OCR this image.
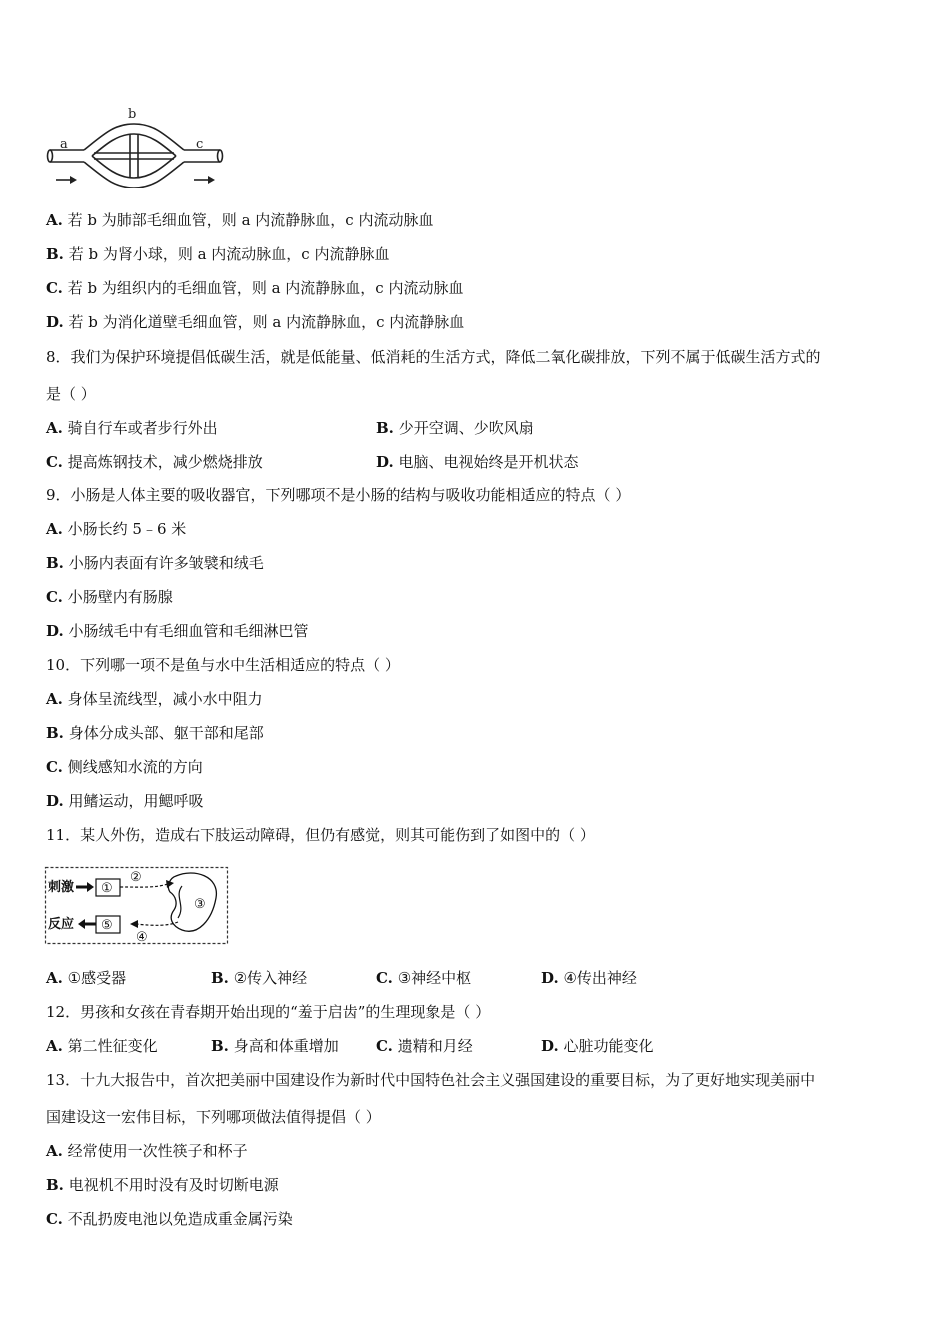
a
b
c
A. 若 b 为肺部毛细血管，则 a 内流静脉血，c 内流动脉血
B. 若 b 为肾小球，则 a 内流动脉血，c 内流静脉血
C. 若 b 为组织内的毛细血管，则 a 内流静脉血，c 内流动脉血
D. 若 b 为消化道壁毛细血管，则 a 内流静脉血，c 内流静脉血
8．我们为保护环境提倡低碳生活，就是低能量、低消耗的生活方式，降低二氧化碳排放，下列不属于低碳生活方式的
是（ ）
A. 骑自行车或者步行外出	B. 少开空调、少吹风扇
C. 提高炼钢技术，减少燃烧排放	D. 电脑、电视始终是开机状态
9．小肠是人体主要的吸收器官，下列哪项不是小肠的结构与吸收功能相适应的特点（ ）
A. 小肠长约 5﹣6 米
B. 小肠内表面有许多皱襞和绒毛
C. 小肠壁内有肠腺
D. 小肠绒毛中有毛细血管和毛细淋巴管
10．下列哪一项不是鱼与水中生活相适应的特点（ ）
A. 身体呈流线型，减小水中阻力
B. 身体分成头部、躯干部和尾部
C. 侧线感知水流的方向
D. 用鳍运动，用鳃呼吸
11．某人外伤，造成右下肢运动障碍，但仍有感觉，则其可能伤到了如图中的（ ）
刺激 ①
②
③
④
⑤
反应
A. ①感受器	B. ②传入神经	C. ③神经中枢	D. ④传出神经
12．男孩和女孩在青春期开始出现的“羞于启齿”的生理现象是（ ）
A. 第二性征变化	B. 身高和体重增加 C. 遗精和月经	D. 心脏功能变化
13．十九大报告中，首次把美丽中国建设作为新时代中国特色社会主义强国建设的重要目标，为了更好地实现美丽中
国建设这一宏伟目标，下列哪项做法值得提倡（ ）
A. 经常使用一次性筷子和杯子
B. 电视机不用时没有及时切断电源
C. 不乱扔废电池以免造成重金属污染
